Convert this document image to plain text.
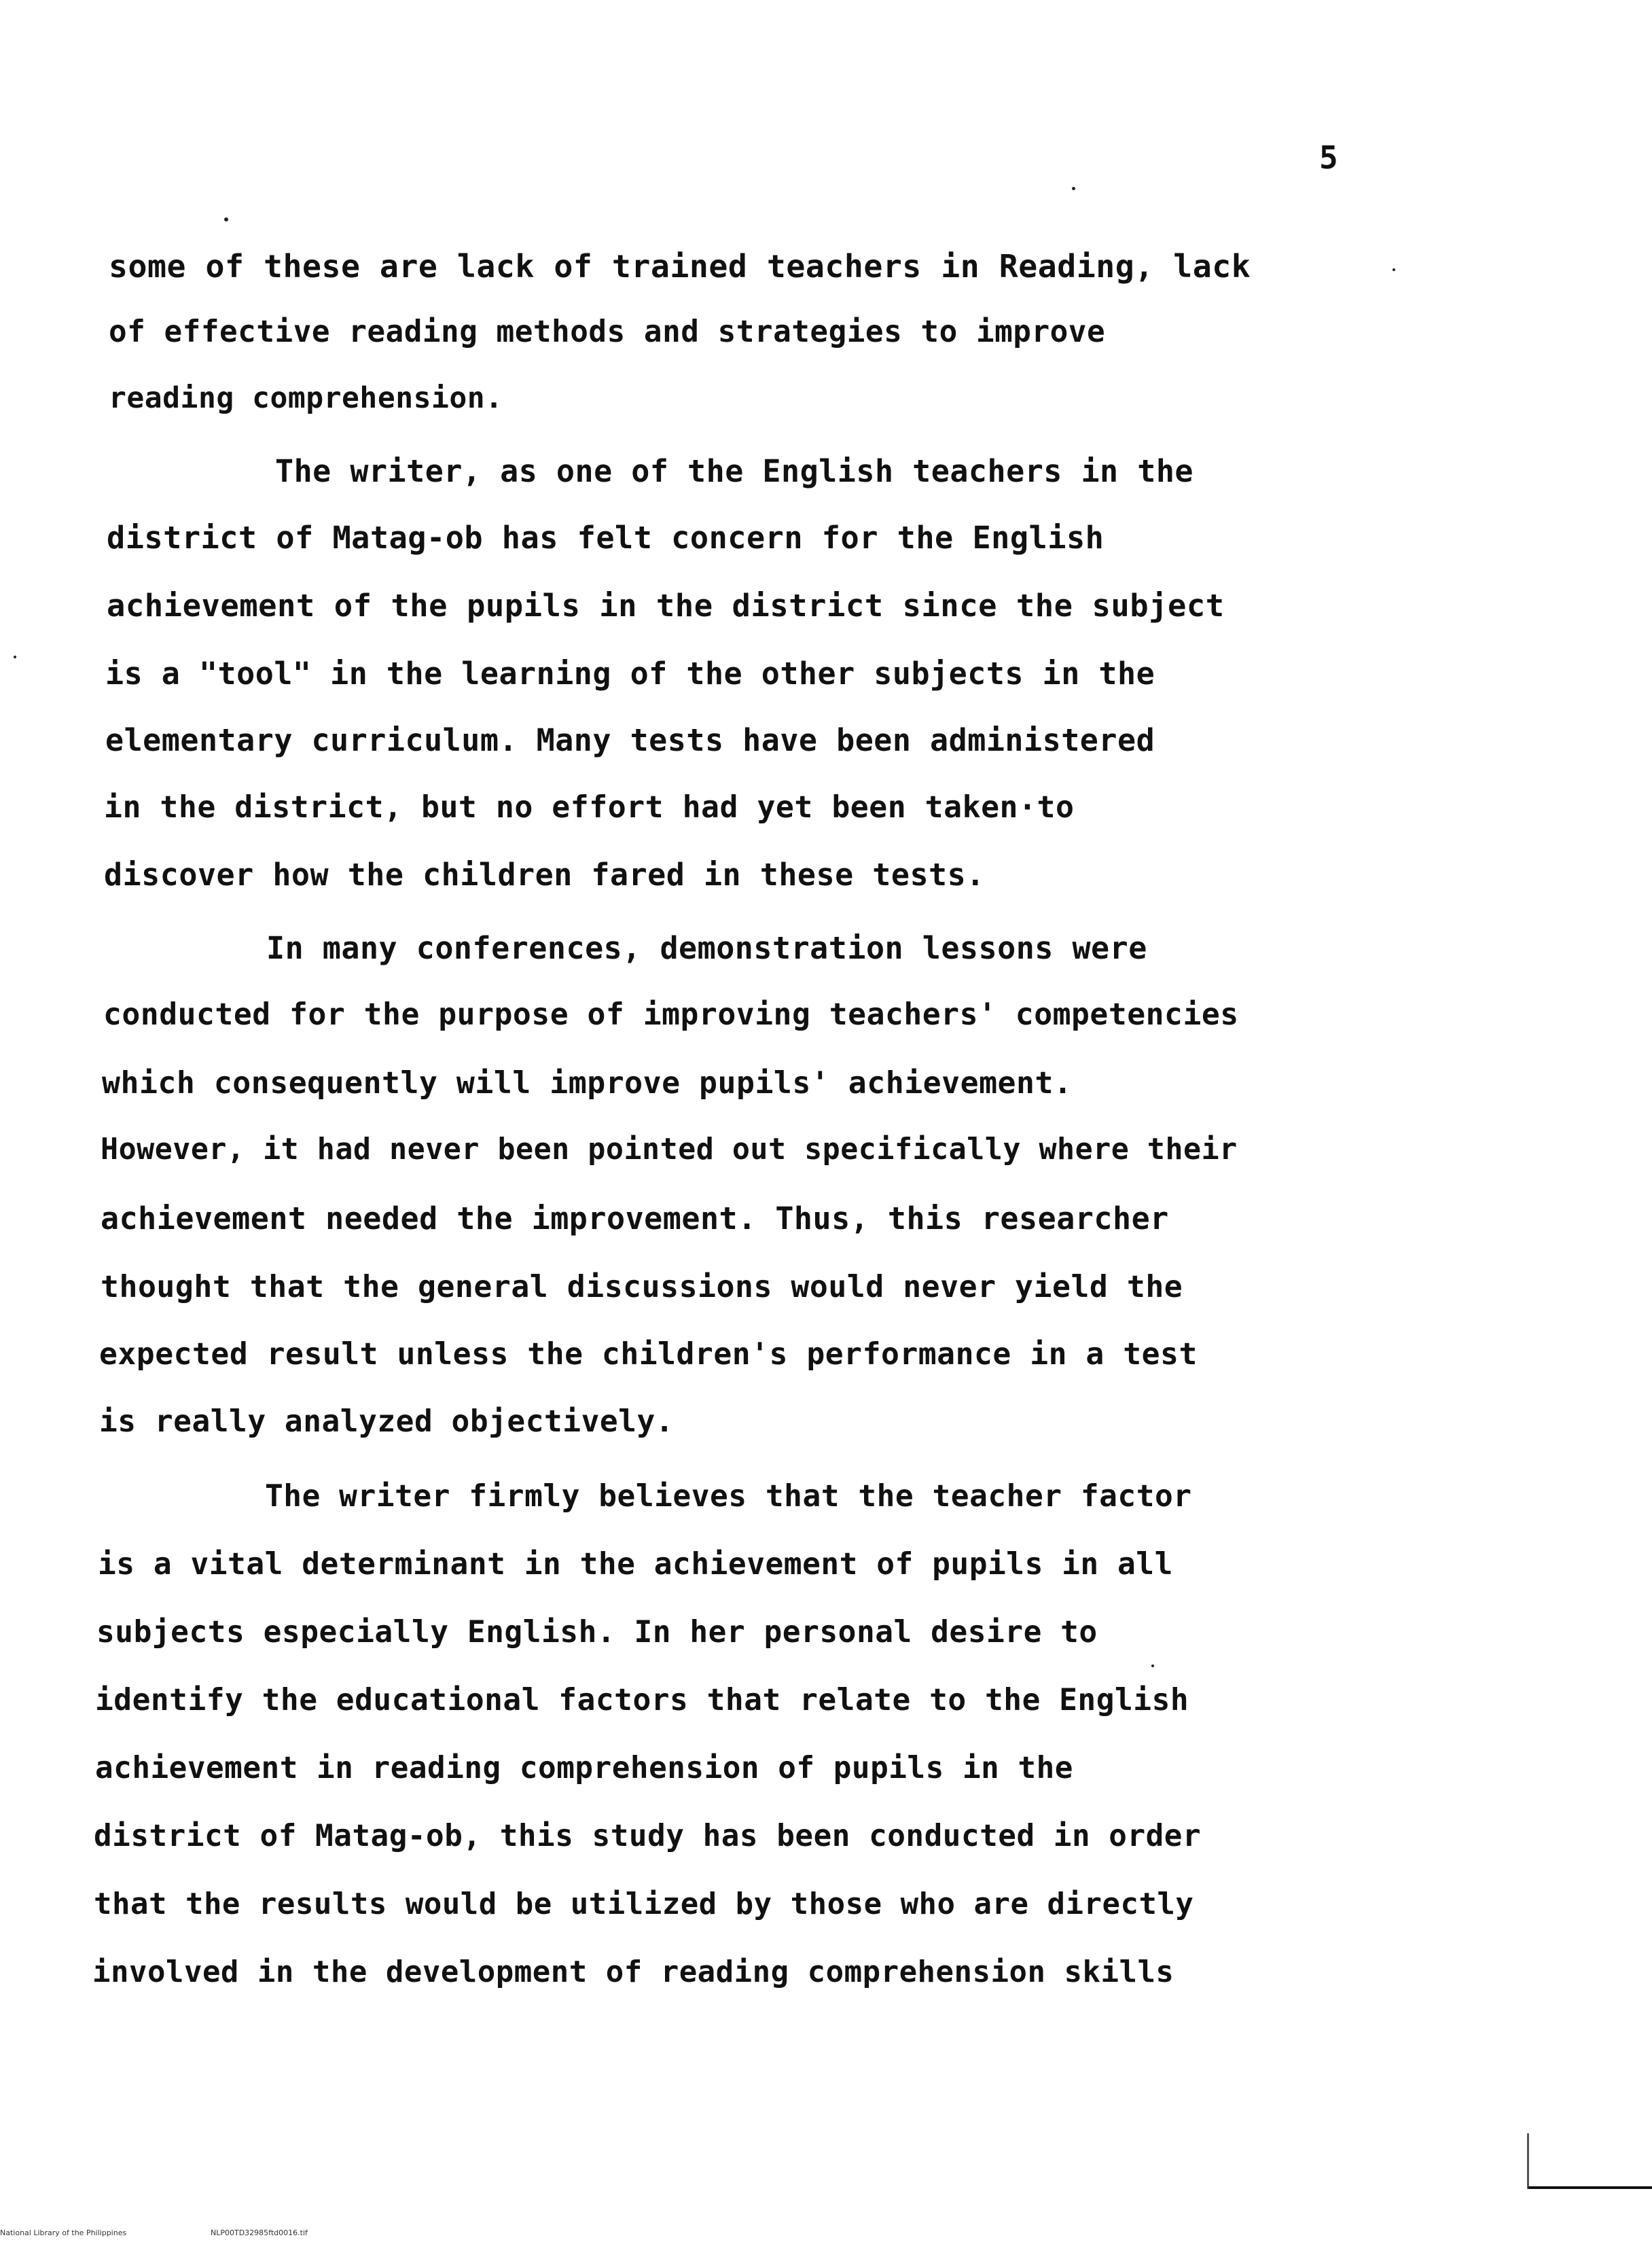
5
some of these are lack of trained teachers in Reading, lack
of effective reading methods and strategies to improve
reading comprehension.
The writer, as one of the English teachers in the
district of Matag-ob has felt concern for the English
achievement of the pupils in the district since the subject
is a "tool" in the learning of the other subjects in the
elementary curriculum. Many tests have been administered
in the district, but no effort had yet been taken·to
discover how the children fared in these tests.
In many conferences, demonstration lessons were
conducted for the purpose of improving teachers' competencies
which consequently will improve pupils' achievement.
However, it had never been pointed out specifically where their
achievement needed the improvement. Thus, this researcher
thought that the general discussions would never yield the
expected result unless the children's performance in a test
is really analyzed objectively.
The writer firmly believes that the teacher factor
is a vital determinant in the achievement of pupils in all
subjects especially English. In her personal desire to
identify the educational factors that relate to the English
achievement in reading comprehension of pupils in the
district of Matag-ob, this study has been conducted in order
that the results would be utilized by those who are directly
involved in the development of reading comprehension skills
National Library of the Philippines	NLP00TD32985ftd0016.tif
